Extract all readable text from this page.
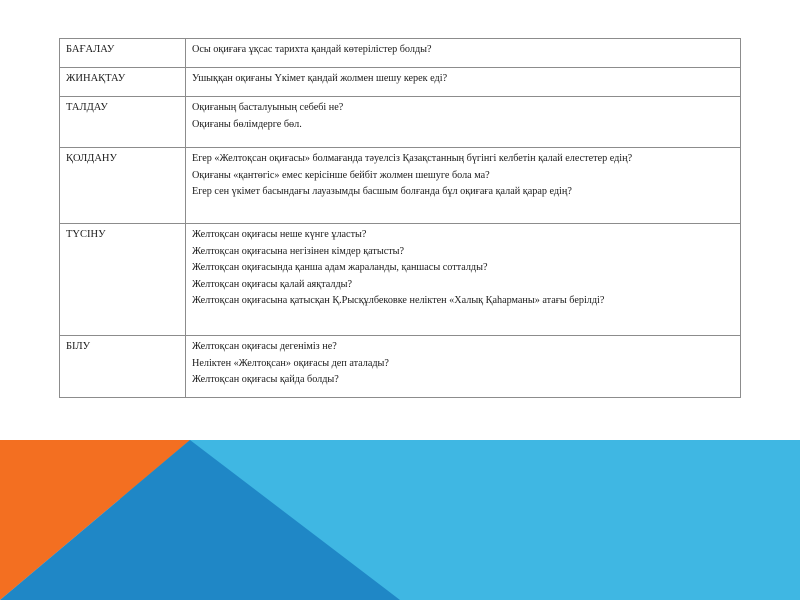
БАҒАЛАУ	Осы оқиғаға ұқсас тарихта қандай көтерілістер болды?

ЖИНАҚТАУ	Ушыққан оқиғаны Үкімет қандай жолмен шешу керек еді?

ТАЛДАУ	Оқиғаның басталуының себебі не?
Оқиғаны бөлімдерге бөл.

ҚОЛДАНУ	Егер «Желтоқсан оқиғасы» болмағанда тәуелсіз Қазақстанның бүгінгі келбетін қалай елестетер едің?
Оқиғаны «қантөгіс» емес керісінше бейбіт жолмен шешуге бола ма?
Егер сен үкімет басындағы лауазымды басшым болғанда бұл оқиғаға қалай қарар едің?

ТҮСІНУ	Желтоқсан оқиғасы неше күнге ұласты?
Желтоқсан оқиғасына негізінен кімдер қатысты?
Желтоқсан оқиғасында қанша адам жараланды, қаншасы сотталды?
Желтоқсан оқиғасы қалай аяқталды?
Желтоқсан оқиғасына қатысқан Қ.Рысқұлбековке неліктен «Халық Қаһарманы» атағы берілді?

БІЛУ	Желтоқсан оқиғасы дегеніміз не?
Неліктен «Желтоқсан» оқиғасы деп аталады?
Желтоқсан оқиғасы қайда болды?
